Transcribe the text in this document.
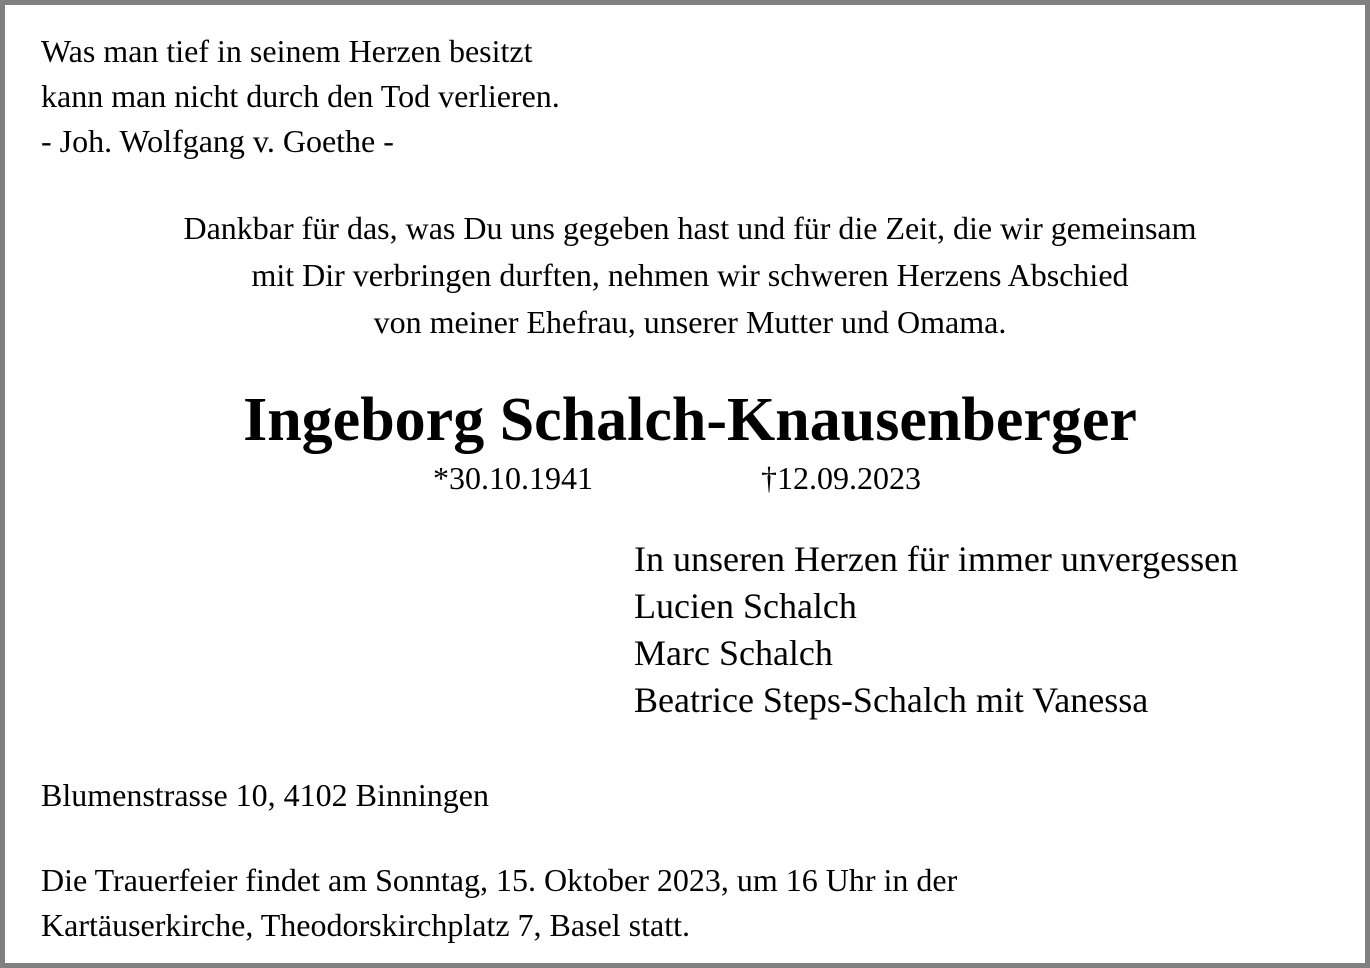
Was man tief in seinem Herzen besitzt
kann man nicht durch den Tod verlieren.
- Joh. Wolfgang v. Goethe -

Dankbar für das, was Du uns gegeben hast und für die Zeit, die wir gemeinsam
mit Dir verbringen durften, nehmen wir schweren Herzens Abschied
von meiner Ehefrau, unserer Mutter und Omama.

Ingeborg Schalch-Knausenberger
*30.10.1941	†12.09.2023

In unseren Herzen für immer unvergessen
Lucien Schalch
Marc Schalch
Beatrice Steps-Schalch mit Vanessa

Blumenstrasse 10, 4102 Binningen

Die Trauerfeier findet am Sonntag, 15. Oktober 2023, um 16 Uhr in der
Kartäuserkirche, Theodorskirchplatz 7, Basel statt.
